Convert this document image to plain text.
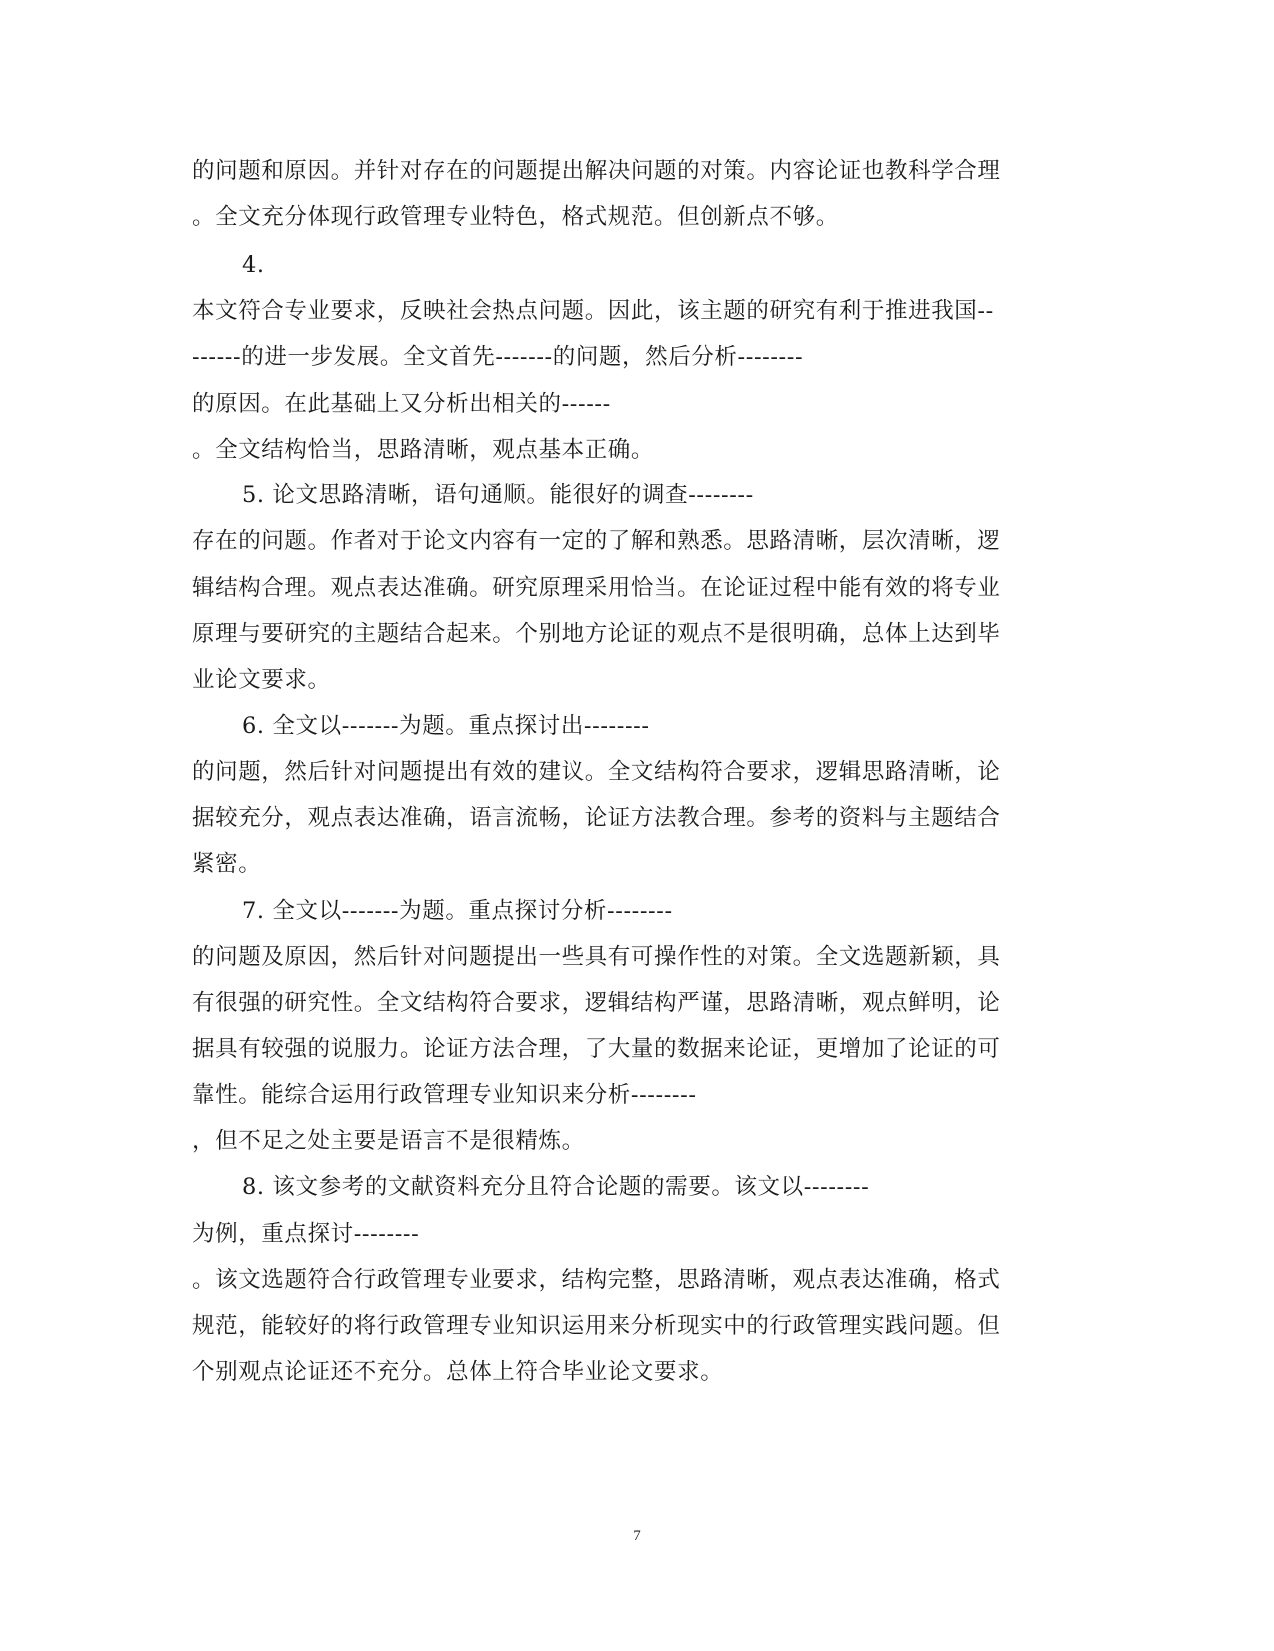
的问题和原因。并针对存在的问题提出解决问题的对策。内容论证也教科学合理
。全文充分体现行政管理专业特色，格式规范。但创新点不够。
4.
本文符合专业要求，反映社会热点问题。因此，该主题的研究有利于推进我国--
------的进一步发展。全文首先-------的问题，然后分析--------
的原因。在此基础上又分析出相关的------
。全文结构恰当，思路清晰，观点基本正确。
5. 论文思路清晰，语句通顺。能很好的调查--------
存在的问题。作者对于论文内容有一定的了解和熟悉。思路清晰，层次清晰，逻
辑结构合理。观点表达准确。研究原理采用恰当。在论证过程中能有效的将专业
原理与要研究的主题结合起来。个别地方论证的观点不是很明确，总体上达到毕
业论文要求。
6. 全文以-------为题。重点探讨出--------
的问题，然后针对问题提出有效的建议。全文结构符合要求，逻辑思路清晰，论
据较充分，观点表达准确，语言流畅，论证方法教合理。参考的资料与主题结合
紧密。
7. 全文以-------为题。重点探讨分析--------
的问题及原因，然后针对问题提出一些具有可操作性的对策。全文选题新颖，具
有很强的研究性。全文结构符合要求，逻辑结构严谨，思路清晰，观点鲜明，论
据具有较强的说服力。论证方法合理，了大量的数据来论证，更增加了论证的可
靠性。能综合运用行政管理专业知识来分析--------
，但不足之处主要是语言不是很精炼。
8. 该文参考的文献资料充分且符合论题的需要。该文以--------
为例，重点探讨--------
。该文选题符合行政管理专业要求，结构完整，思路清晰，观点表达准确，格式
规范，能较好的将行政管理专业知识运用来分析现实中的行政管理实践问题。但
个别观点论证还不充分。总体上符合毕业论文要求。
7
